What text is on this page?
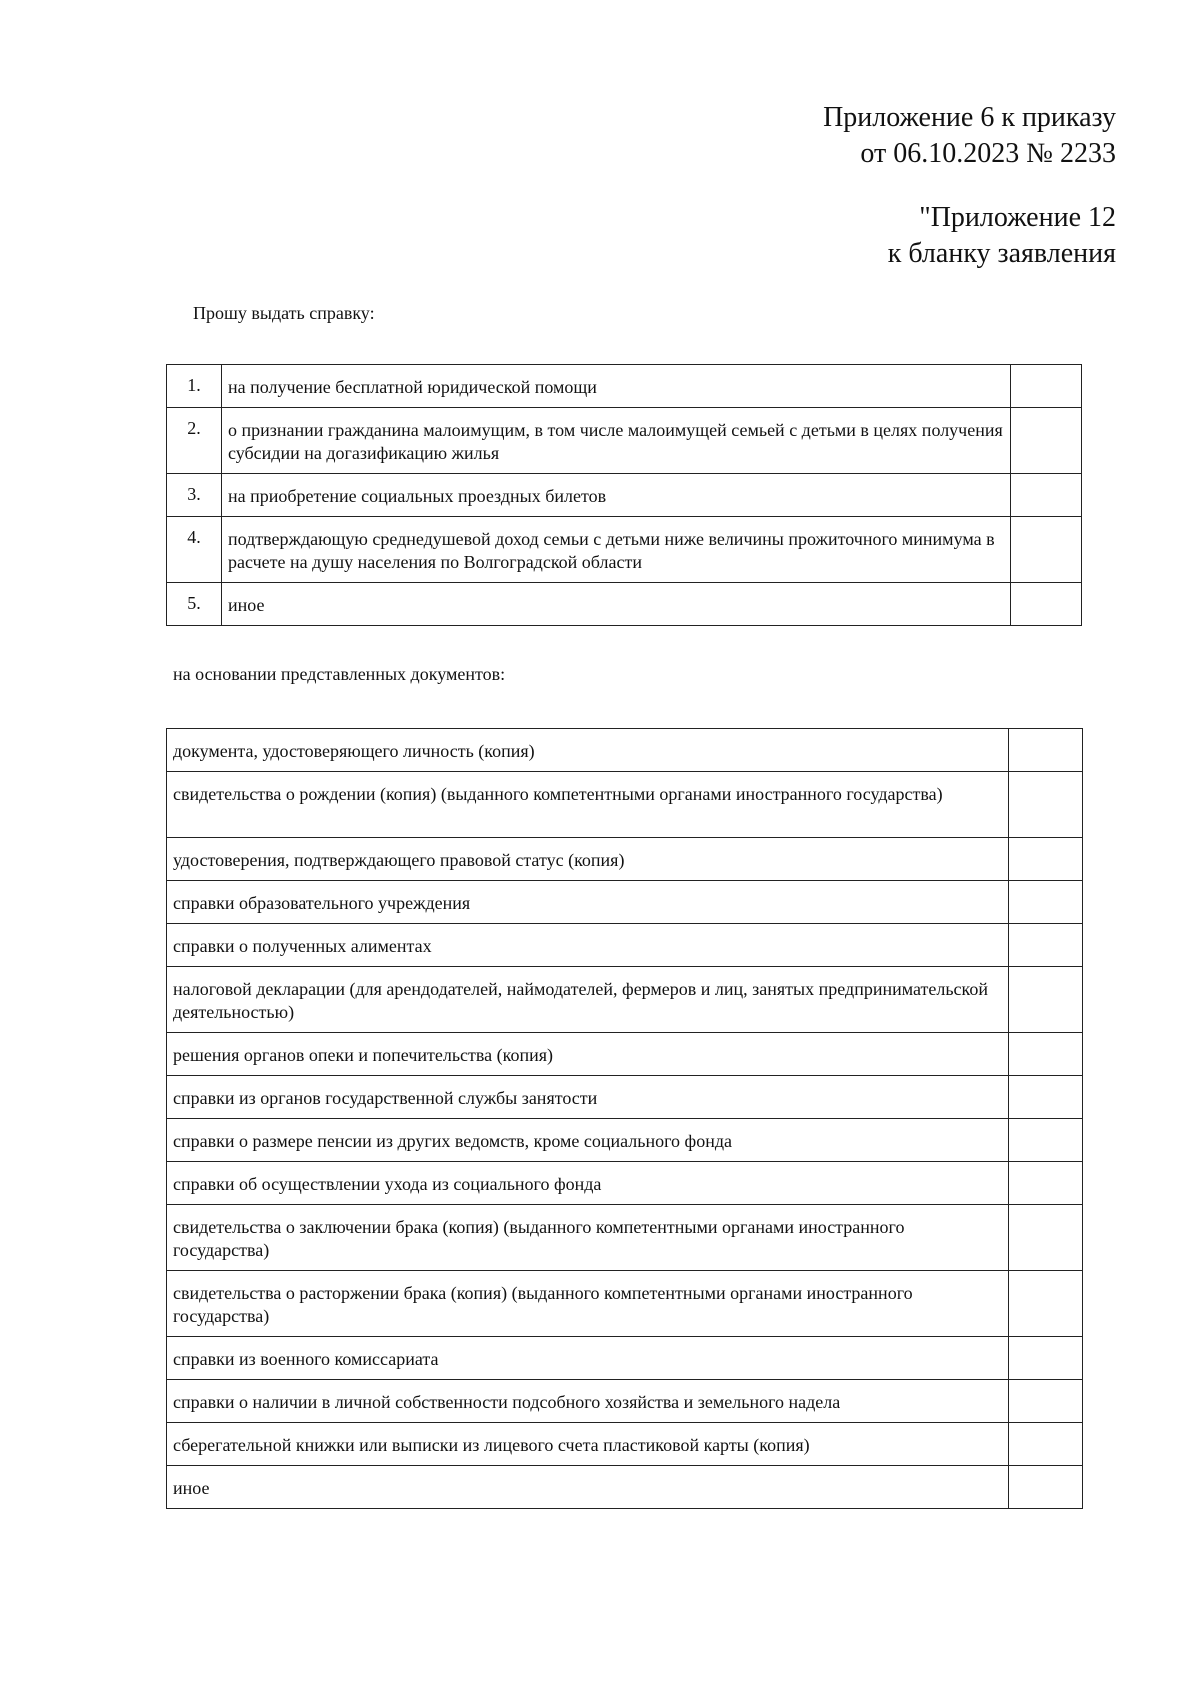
Приложение 6 к приказу
от 06.10.2023 № 2233
"Приложение 12
к бланку заявления
Прошу выдать справку:
1.	на получение бесплатной юридической помощи	
2.	о признании гражданина малоимущим, в том числе малоимущей семьей с детьми в целях получения субсидии на догазификацию жилья	
3.	на приобретение социальных проездных билетов	
4.	подтверждающую среднедушевой доход семьи с детьми ниже величины прожиточного минимума в расчете на душу населения по Волгоградской области	
5.	иное	
на основании представленных документов:
документа, удостоверяющего личность (копия)	
свидетельства о рождении (копия) (выданного компетентными органами иностранного государства)	
удостоверения, подтверждающего правовой статус (копия)	
справки образовательного учреждения	
справки о полученных алиментах	
налоговой декларации (для арендодателей, наймодателей, фермеров и лиц, занятых предпринимательской деятельностью)	
решения органов опеки и попечительства (копия)	
справки из органов государственной службы занятости	
справки о размере пенсии из других ведомств, кроме социального фонда	
справки об осуществлении ухода из социального фонда	
свидетельства о заключении брака (копия) (выданного компетентными органами иностранного государства)	
свидетельства о расторжении брака (копия) (выданного компетентными органами иностранного государства)	
справки из военного комиссариата	
справки о наличии в личной собственности подсобного хозяйства и земельного надела	
сберегательной книжки или выписки из лицевого счета пластиковой карты (копия)	
иное	
